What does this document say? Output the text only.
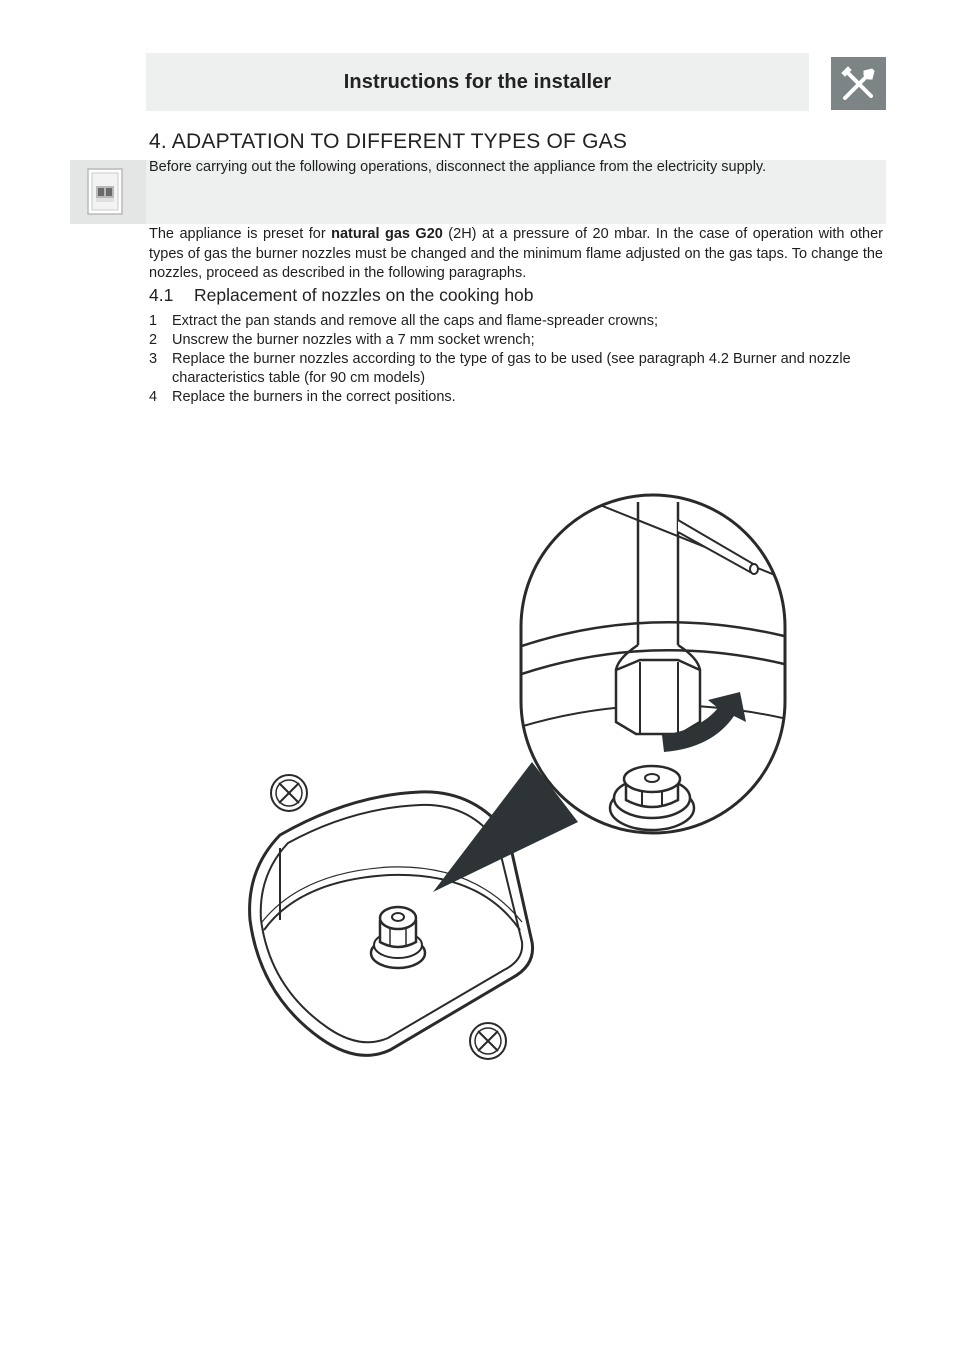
Instructions for the installer
4. ADAPTATION TO DIFFERENT TYPES OF GAS
Before carrying out the following operations, disconnect the appliance from the electricity supply.
The appliance is preset for natural gas G20 (2H) at a pressure of 20 mbar. In the case of operation with other types of gas the burner nozzles must be changed and the minimum flame adjusted on the gas taps. To change the nozzles, proceed as described in the following paragraphs.
4.1 Replacement of nozzles on the cooking hob
1	Extract the pan stands and remove all the caps and flame-spreader crowns;
2	Unscrew the burner nozzles with a 7 mm socket wrench;
3	Replace the burner nozzles according to the type of gas to be used (see paragraph 4.2 Burner and nozzle characteristics table (for 90 cm models)
4	Replace the burners in the correct positions.
